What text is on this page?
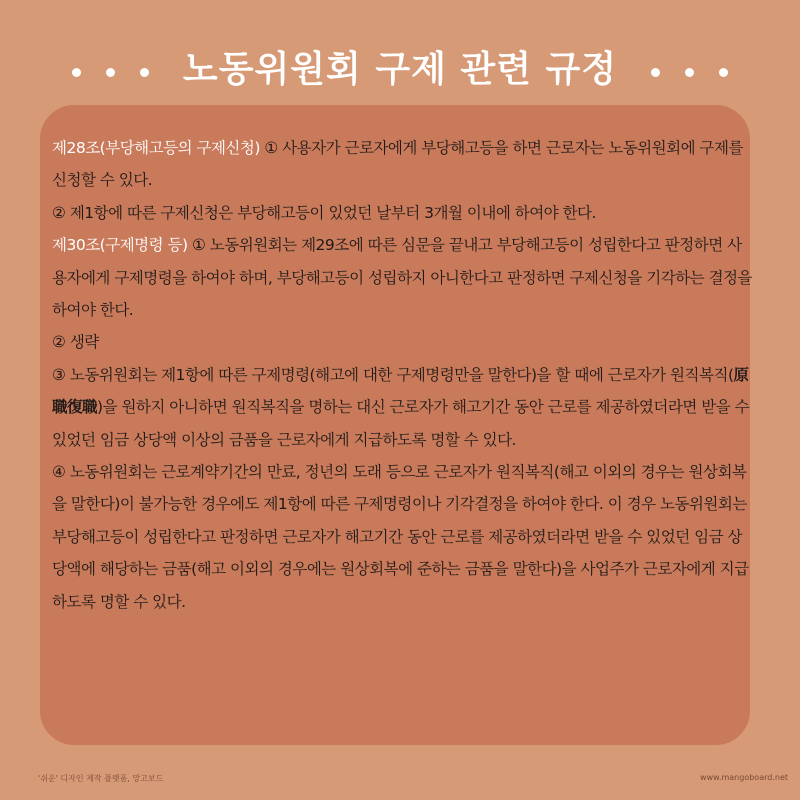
노동위원회 구제 관련 규정

제28조(부당해고등의 구제신청) ① 사용자가 근로자에게 부당해고등을 하면 근로자는 노동위원회에 구제를 신청할 수 있다.

② 제1항에 따른 구제신청은 부당해고등이 있었던 날부터 3개월 이내에 하여야 한다.

제30조(구제명령 등) ① 노동위원회는 제29조에 따른 심문을 끝내고 부당해고등이 성립한다고 판정하면 사용자에게 구제명령을 하여야 하며, 부당해고등이 성립하지 아니한다고 판정하면 구제신청을 기각하는 결정을 하여야 한다.

② 생략

③ 노동위원회는 제1항에 따른 구제명령(해고에 대한 구제명령만을 말한다)을 할 때에 근로자가 원직복직(原職復職)을 원하지 아니하면 원직복직을 명하는 대신 근로자가 해고기간 동안 근로를 제공하였더라면 받을 수 있었던 임금 상당액 이상의 금품을 근로자에게 지급하도록 명할 수 있다.

④ 노동위원회는 근로계약기간의 만료, 정년의 도래 등으로 근로자가 원직복직(해고 이외의 경우는 원상회복을 말한다)이 불가능한 경우에도 제1항에 따른 구제명령이나 기각결정을 하여야 한다. 이 경우 노동위원회는 부당해고등이 성립한다고 판정하면 근로자가 해고기간 동안 근로를 제공하였더라면 받을 수 있었던 임금 상당액에 해당하는 금품(해고 이외의 경우에는 원상회복에 준하는 금품을 말한다)을 사업주가 근로자에게 지급하도록 명할 수 있다.

'쉬운' 디자인 제작 플랫폼, 망고보드	www.mangoboard.net
